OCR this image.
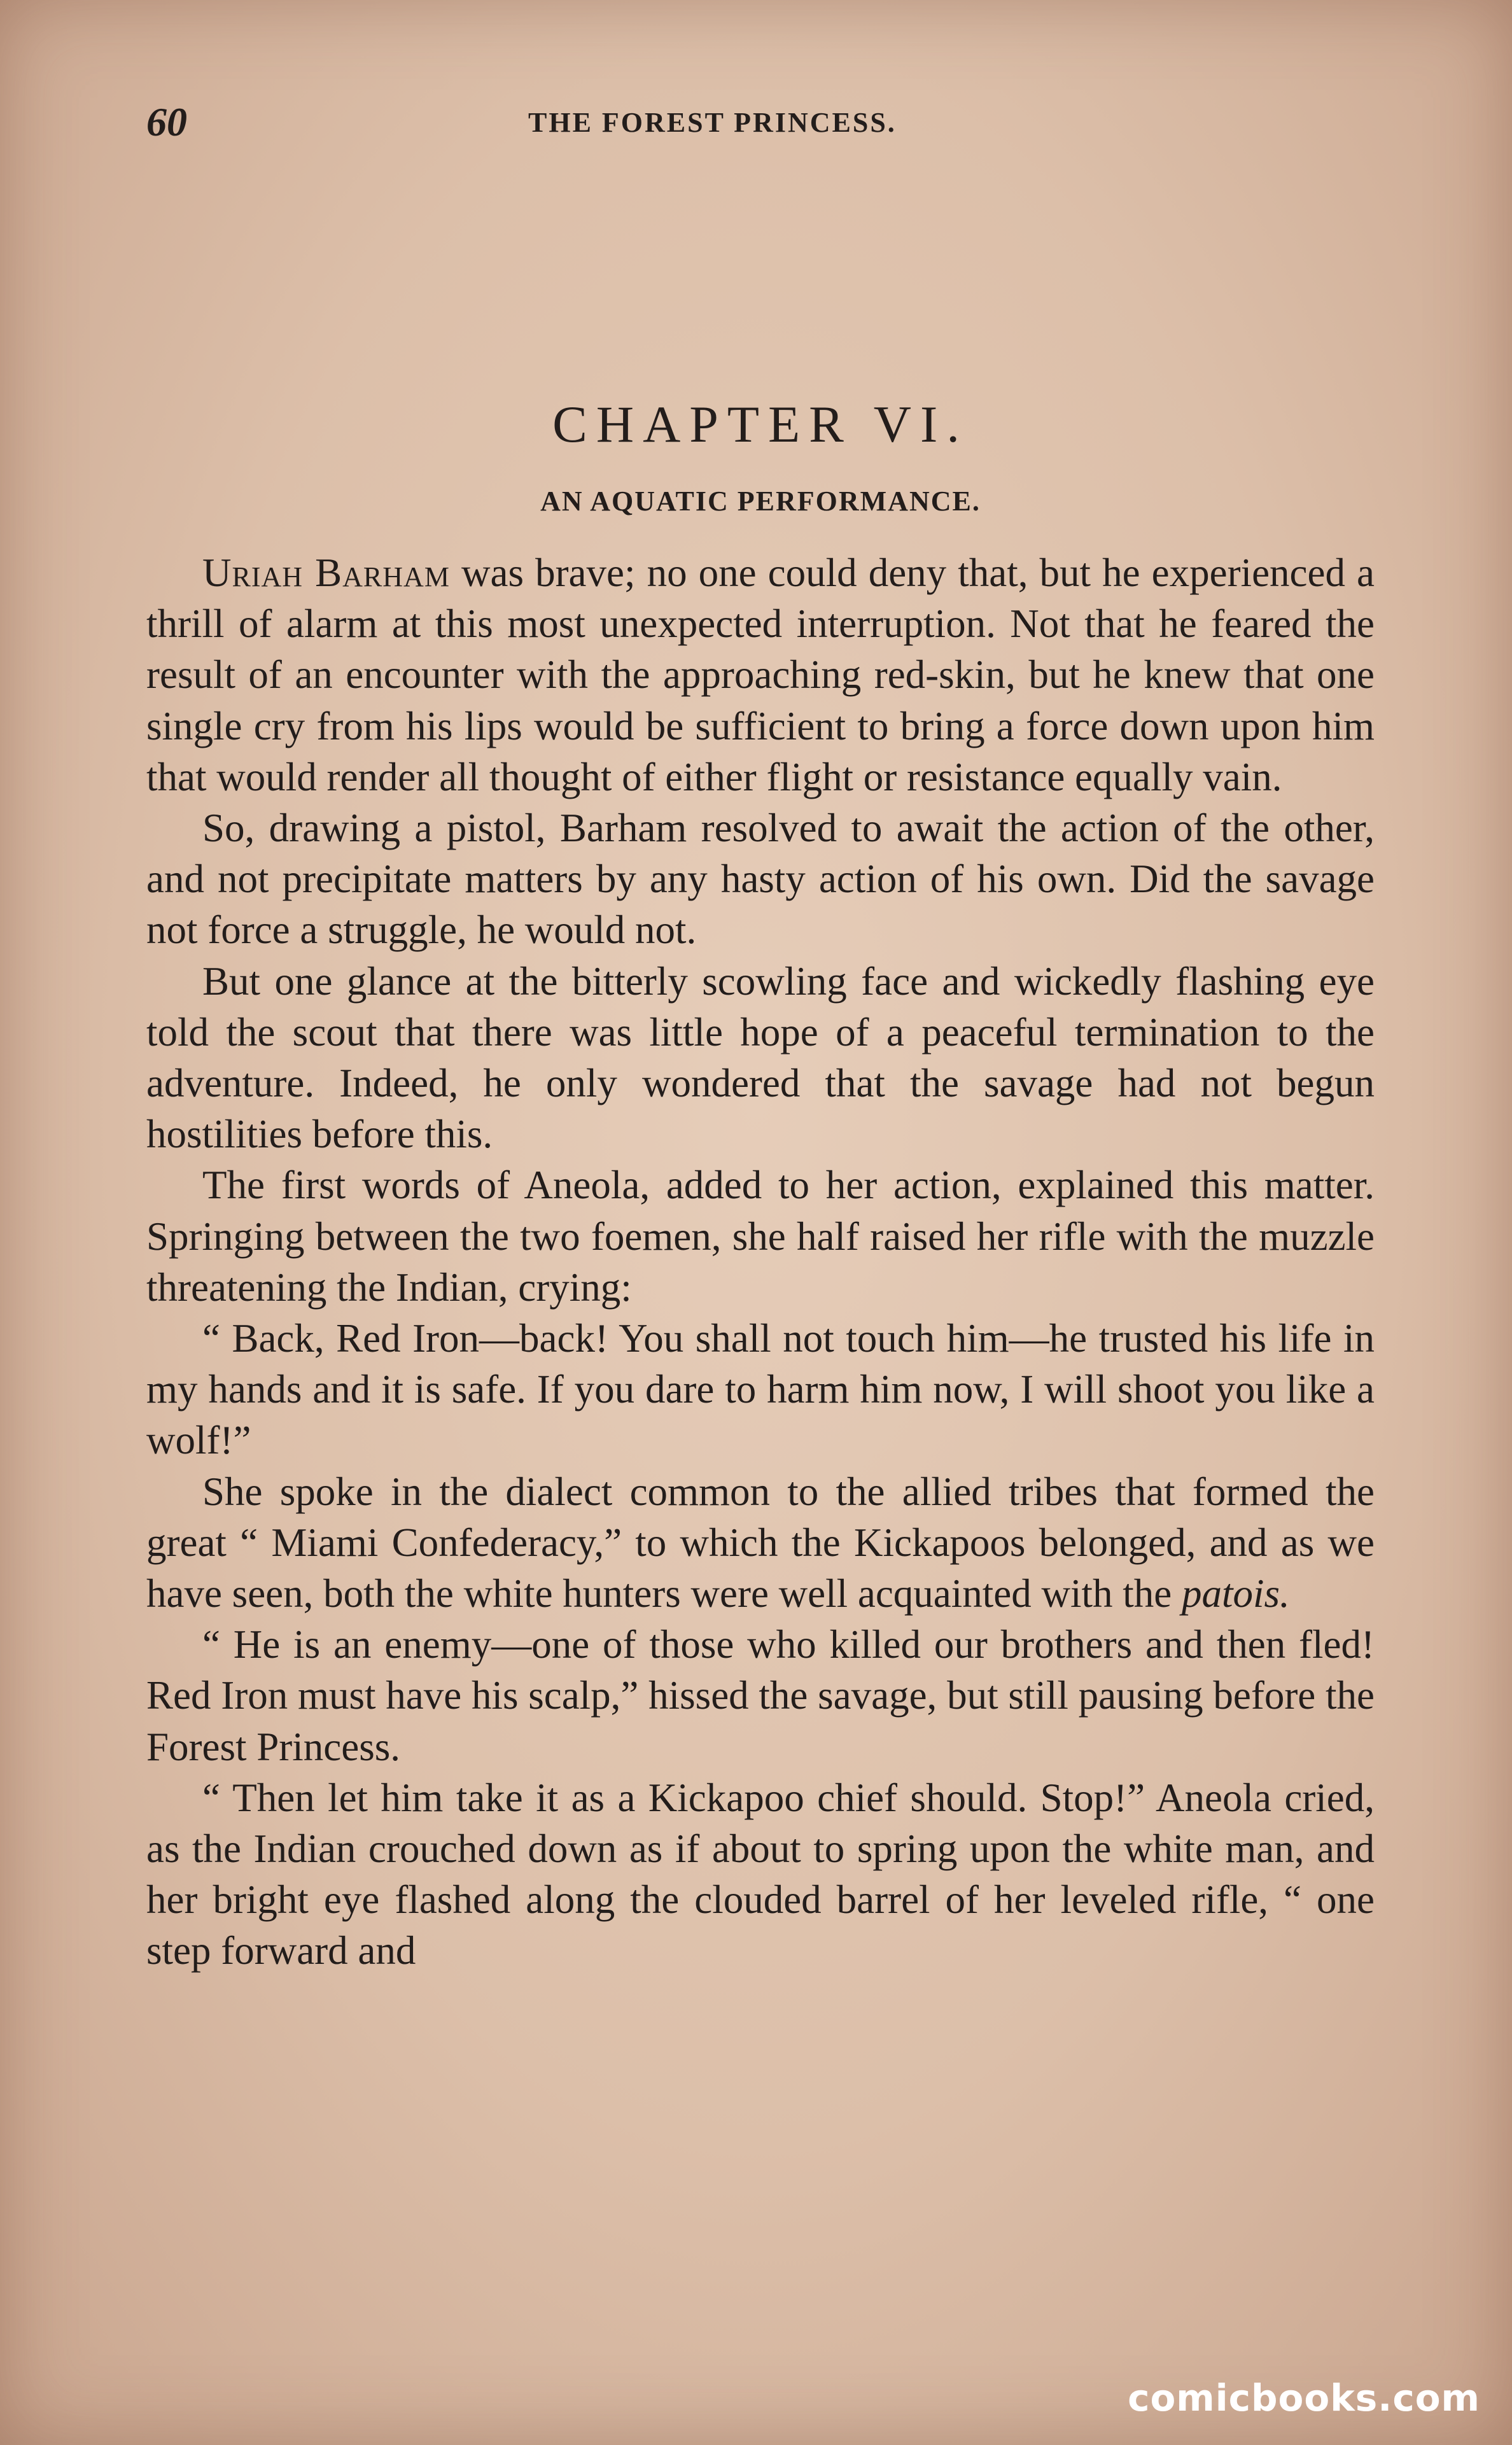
60	THE FOREST PRINCESS.
CHAPTER VI.
AN AQUATIC PERFORMANCE.

Uriah Barham was brave; no one could deny that, but he experienced a thrill of alarm at this most unexpected interruption. Not that he feared the result of an encounter with the approaching red-skin, but he knew that one single cry from his lips would be sufficient to bring a force down upon him that would render all thought of either flight or resistance equally vain.

So, drawing a pistol, Barham resolved to await the action of the other, and not precipitate matters by any hasty action of his own. Did the savage not force a struggle, he would not.

But one glance at the bitterly scowling face and wickedly flashing eye told the scout that there was little hope of a peaceful termination to the adventure. Indeed, he only wondered that the savage had not begun hostilities before this.

The first words of Aneola, added to her action, explained this matter. Springing between the two foemen, she half raised her rifle with the muzzle threatening the Indian, crying:

“ Back, Red Iron—back! You shall not touch him—he trusted his life in my hands and it is safe. If you dare to harm him now, I will shoot you like a wolf!”

She spoke in the dialect common to the allied tribes that formed the great “ Miami Confederacy,” to which the Kickapoos belonged, and as we have seen, both the white hunters were well acquainted with the patois.

“ He is an enemy—one of those who killed our brothers and then fled! Red Iron must have his scalp,” hissed the savage, but still pausing before the Forest Princess.

“ Then let him take it as a Kickapoo chief should. Stop!” Aneola cried, as the Indian crouched down as if about to spring upon the white man, and her bright eye flashed along the clouded barrel of her leveled rifle, “ one step forward and

comicbooks.com
